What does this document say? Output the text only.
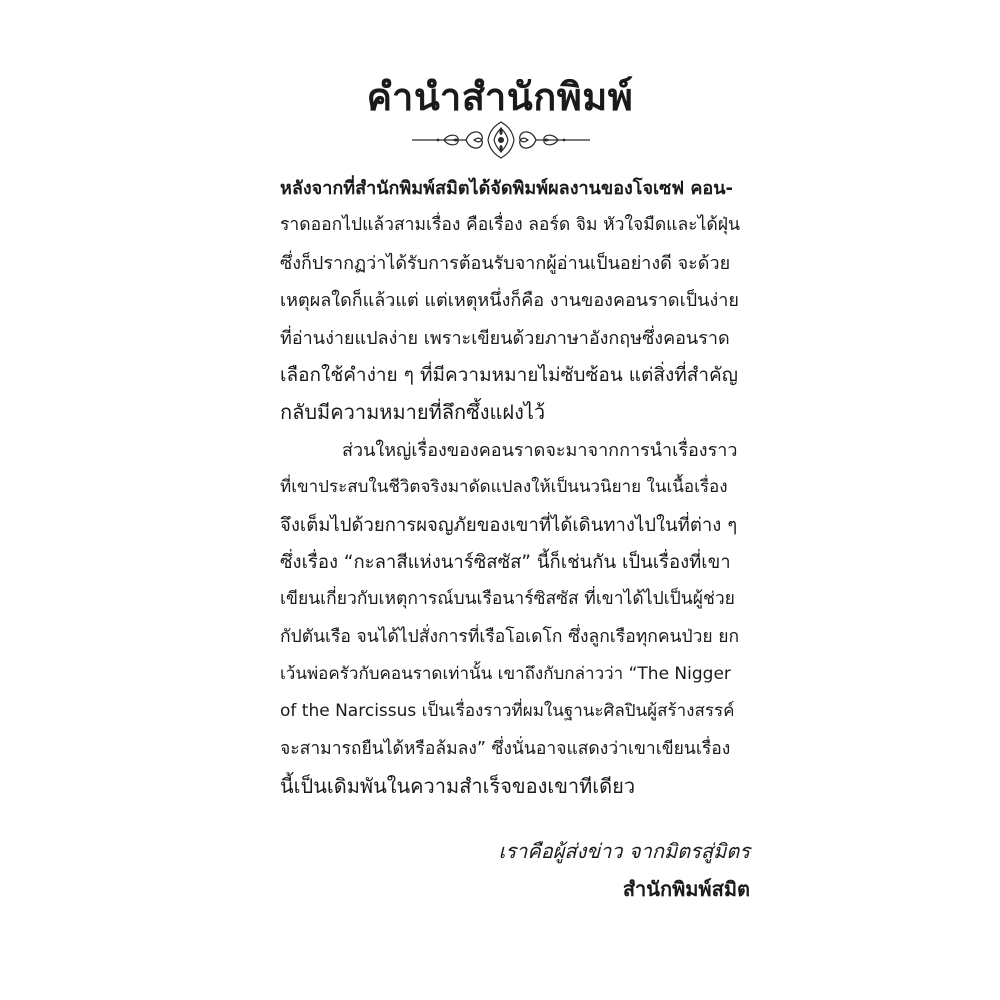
คำนำสำนักพิมพ์
หลังจากที่สำนักพิมพ์สมิตได้จัดพิมพ์ผลงานของโจเซฟ คอน-
ราดออกไปแล้วสามเรื่อง คือเรื่อง ลอร์ด จิม หัวใจมืดและได้ฝุ่น
ซึ่งก็ปรากฏว่าได้รับการต้อนรับจากผู้อ่านเป็นอย่างดี จะด้วย
เหตุผลใดก็แล้วแต่ แต่เหตุหนึ่งก็คือ งานของคอนราดเป็นง่าย
ที่อ่านง่ายแปลง่าย เพราะเขียนด้วยภาษาอังกฤษซึ่งคอนราด
เลือกใช้คำง่าย ๆ ที่มีความหมายไม่ซับซ้อน แต่สิ่งที่สำคัญ
กลับมีความหมายที่ลึกซึ้งแฝงไว้
ส่วนใหญ่เรื่องของคอนราดจะมาจากการนำเรื่องราว
ที่เขาประสบในชีวิตจริงมาดัดแปลงให้เป็นนวนิยาย ในเนื้อเรื่อง
จึงเต็มไปด้วยการผจญภัยของเขาที่ได้เดินทางไปในที่ต่าง ๆ
ซึ่งเรื่อง “กะลาสีแห่งนาร์ซิสซัส” นี้ก็เช่นกัน เป็นเรื่องที่เขา
เขียนเกี่ยวกับเหตุการณ์บนเรือนาร์ซิสซัส ที่เขาได้ไปเป็นผู้ช่วย
กัปตันเรือ จนได้ไปสั่งการที่เรือโอเดโก ซึ่งลูกเรือทุกคนป่วย ยก
เว้นพ่อครัวกับคอนราดเท่านั้น เขาถึงกับกล่าวว่า “The Nigger
of the Narcissus เป็นเรื่องราวที่ผมในฐานะศิลปินผู้สร้างสรรค์
จะสามารถยืนได้หรือล้มลง” ซึ่งนั่นอาจแสดงว่าเขาเขียนเรื่อง
นี้เป็นเดิมพันในความสำเร็จของเขาทีเดียว
เราคือผู้ส่งข่าว จากมิตรสู่มิตร
สำนักพิมพ์สมิต
